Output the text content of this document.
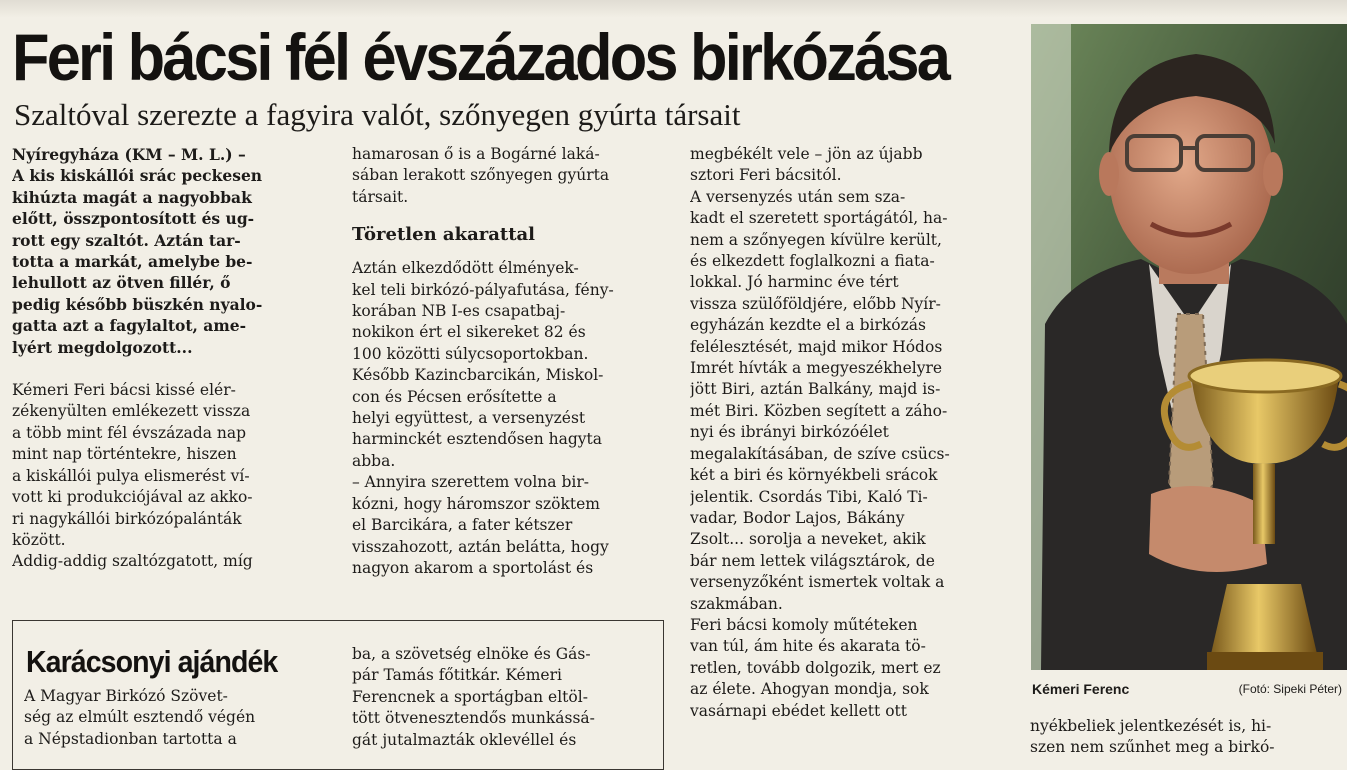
Feri bácsi fél évszázados birkózása
Szaltóval szerezte a fagyira valót, szőnyegen gyúrta társait

Nyíregyháza (KM – M. L.) –
A kis kiskállói srác peckesen
kihúzta magát a nagyobbak
előtt, összpontosított és ug-
rott egy szaltót. Aztán tar-
totta a markát, amelybe be-
lehullott az ötven fillér, ő
pedig később büszkén nyalo-
gatta azt a fagylaltot, ame-
lyért megdolgozott...

Kémeri Feri bácsi kissé elér-
zékenyülten emlékezett vissza
a több mint fél évszázada nap
mint nap történtekre, hiszen
a kiskállói pulya elismerést ví-
vott ki produkciójával az akko-
ri nagykállói birkózópalánták
között.
Addig-addig szaltózgatott, míg

hamarosan ő is a Bogárné laká-
sában lerakott szőnyegen gyúrta
társait.

Töretlen akarattal

Aztán elkezdődött élmények-
kel teli birkózó-pályafutása, fény-
korában NB I-es csapatbaj-
nokikon ért el sikereket 82 és
100 közötti súlycsoportokban.
Később Kazincbarcikán, Miskol-
con és Pécsen erősítette a
helyi együttest, a versenyzést
harminckét esztendősen hagyta
abba.
– Annyira szerettem volna bir-
kózni, hogy háromszor szöktem
el Barcikára, a fater kétszer
visszahozott, aztán belátta, hogy
nagyon akarom a sportolást és

megbékélt vele – jön az újabb
sztori Feri bácsitól.
A versenyzés után sem sza-
kadt el szeretett sportágától, ha-
nem a szőnyegen kívülre került,
és elkezdett foglalkozni a fiata-
lokkal. Jó harminc éve tért
vissza szülőföldjére, előbb Nyír-
egyházán kezdte el a birkózás
felélesztését, majd mikor Hódos
Imrét hívták a megyeszékhelyre
jött Biri, aztán Balkány, majd is-
mét Biri. Közben segített a záho-
nyi és ibrányi birkózóélet
megalakításában, de szíve csücs-
két a biri és környékbeli srácok
jelentik. Csordás Tibi, Kaló Ti-
vadar, Bodor Lajos, Bákány
Zsolt... sorolja a neveket, akik
bár nem lettek világsztárok, de
versenyzőként ismertek voltak a
szakmában.
Feri bácsi komoly műtéteken
van túl, ám hite és akarata tö-
retlen, tovább dolgozik, mert ez
az élete. Ahogyan mondja, sok
vasárnapi ebédet kellett ott

nyékbeliek jelentkezését is, hi-
szen nem szűnhet meg a birkó-

Karácsonyi ajándék

A Magyar Birkózó Szövet-
ség az elmúlt esztendő végén
a Népstadionban tartotta a

ba, a szövetség elnöke és Gás-
pár Tamás főtitkár. Kémeri
Ferencnek a sportágban eltöl-
tött ötvenesztendős munkássá-
gát jutalmazták oklevéllel és

Kémeri Ferenc	(Fotó: Sipeki Péter)
